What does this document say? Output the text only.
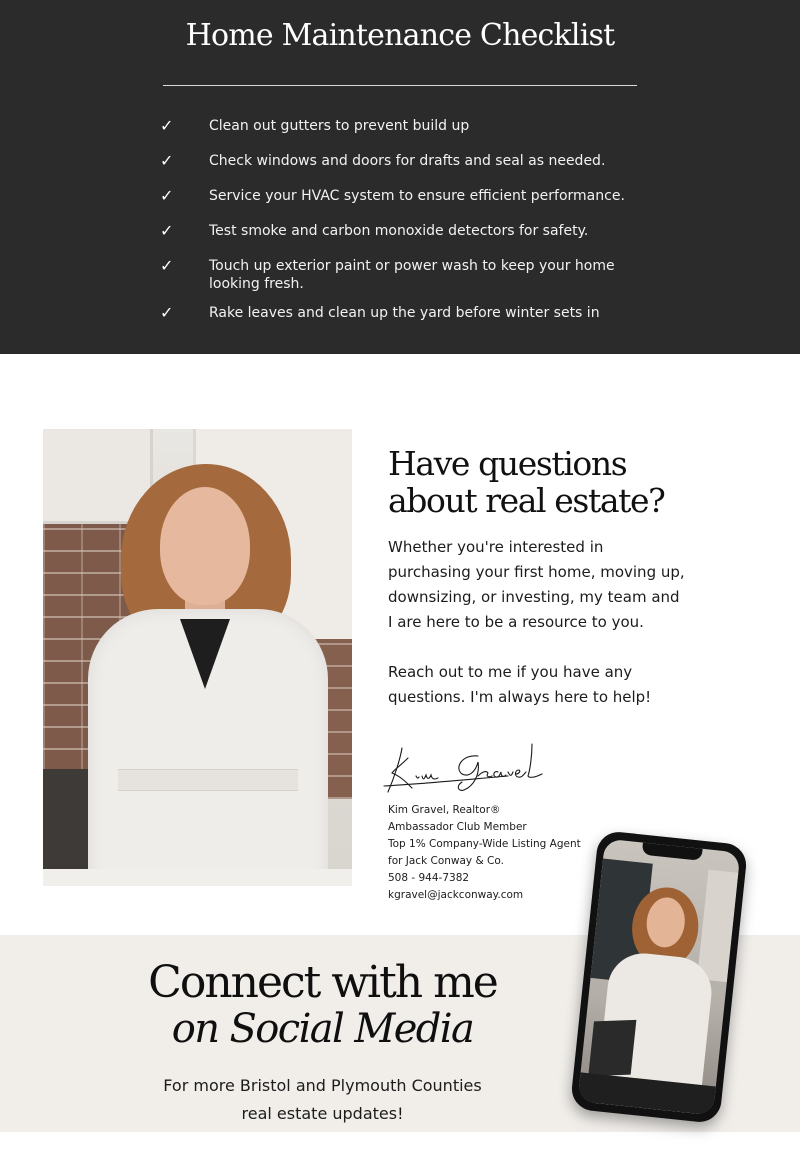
Home Maintenance Checklist
✓	Clean out gutters to prevent build up
✓	Check windows and doors for drafts and seal as needed.
✓	Service your HVAC system to ensure efficient performance.
✓	Test smoke and carbon monoxide detectors for safety.
✓	Touch up exterior paint or power wash to keep your home looking fresh.
✓	Rake leaves and clean up the yard before winter sets in
Have questions
about real estate?

Whether you're interested in purchasing your first home, moving up, downsizing, or investing, my team and I are here to be a resource to you.

Reach out to me if you have any questions. I'm always here to help!

Kim Gravel, Realtor®
Ambassador Club Member
Top 1% Company-Wide Listing Agent
for Jack Conway & Co.
508 - 944-7382
kgravel@jackconway.com
Connect with me
on Social Media

For more Bristol and Plymouth Counties
real estate updates!
